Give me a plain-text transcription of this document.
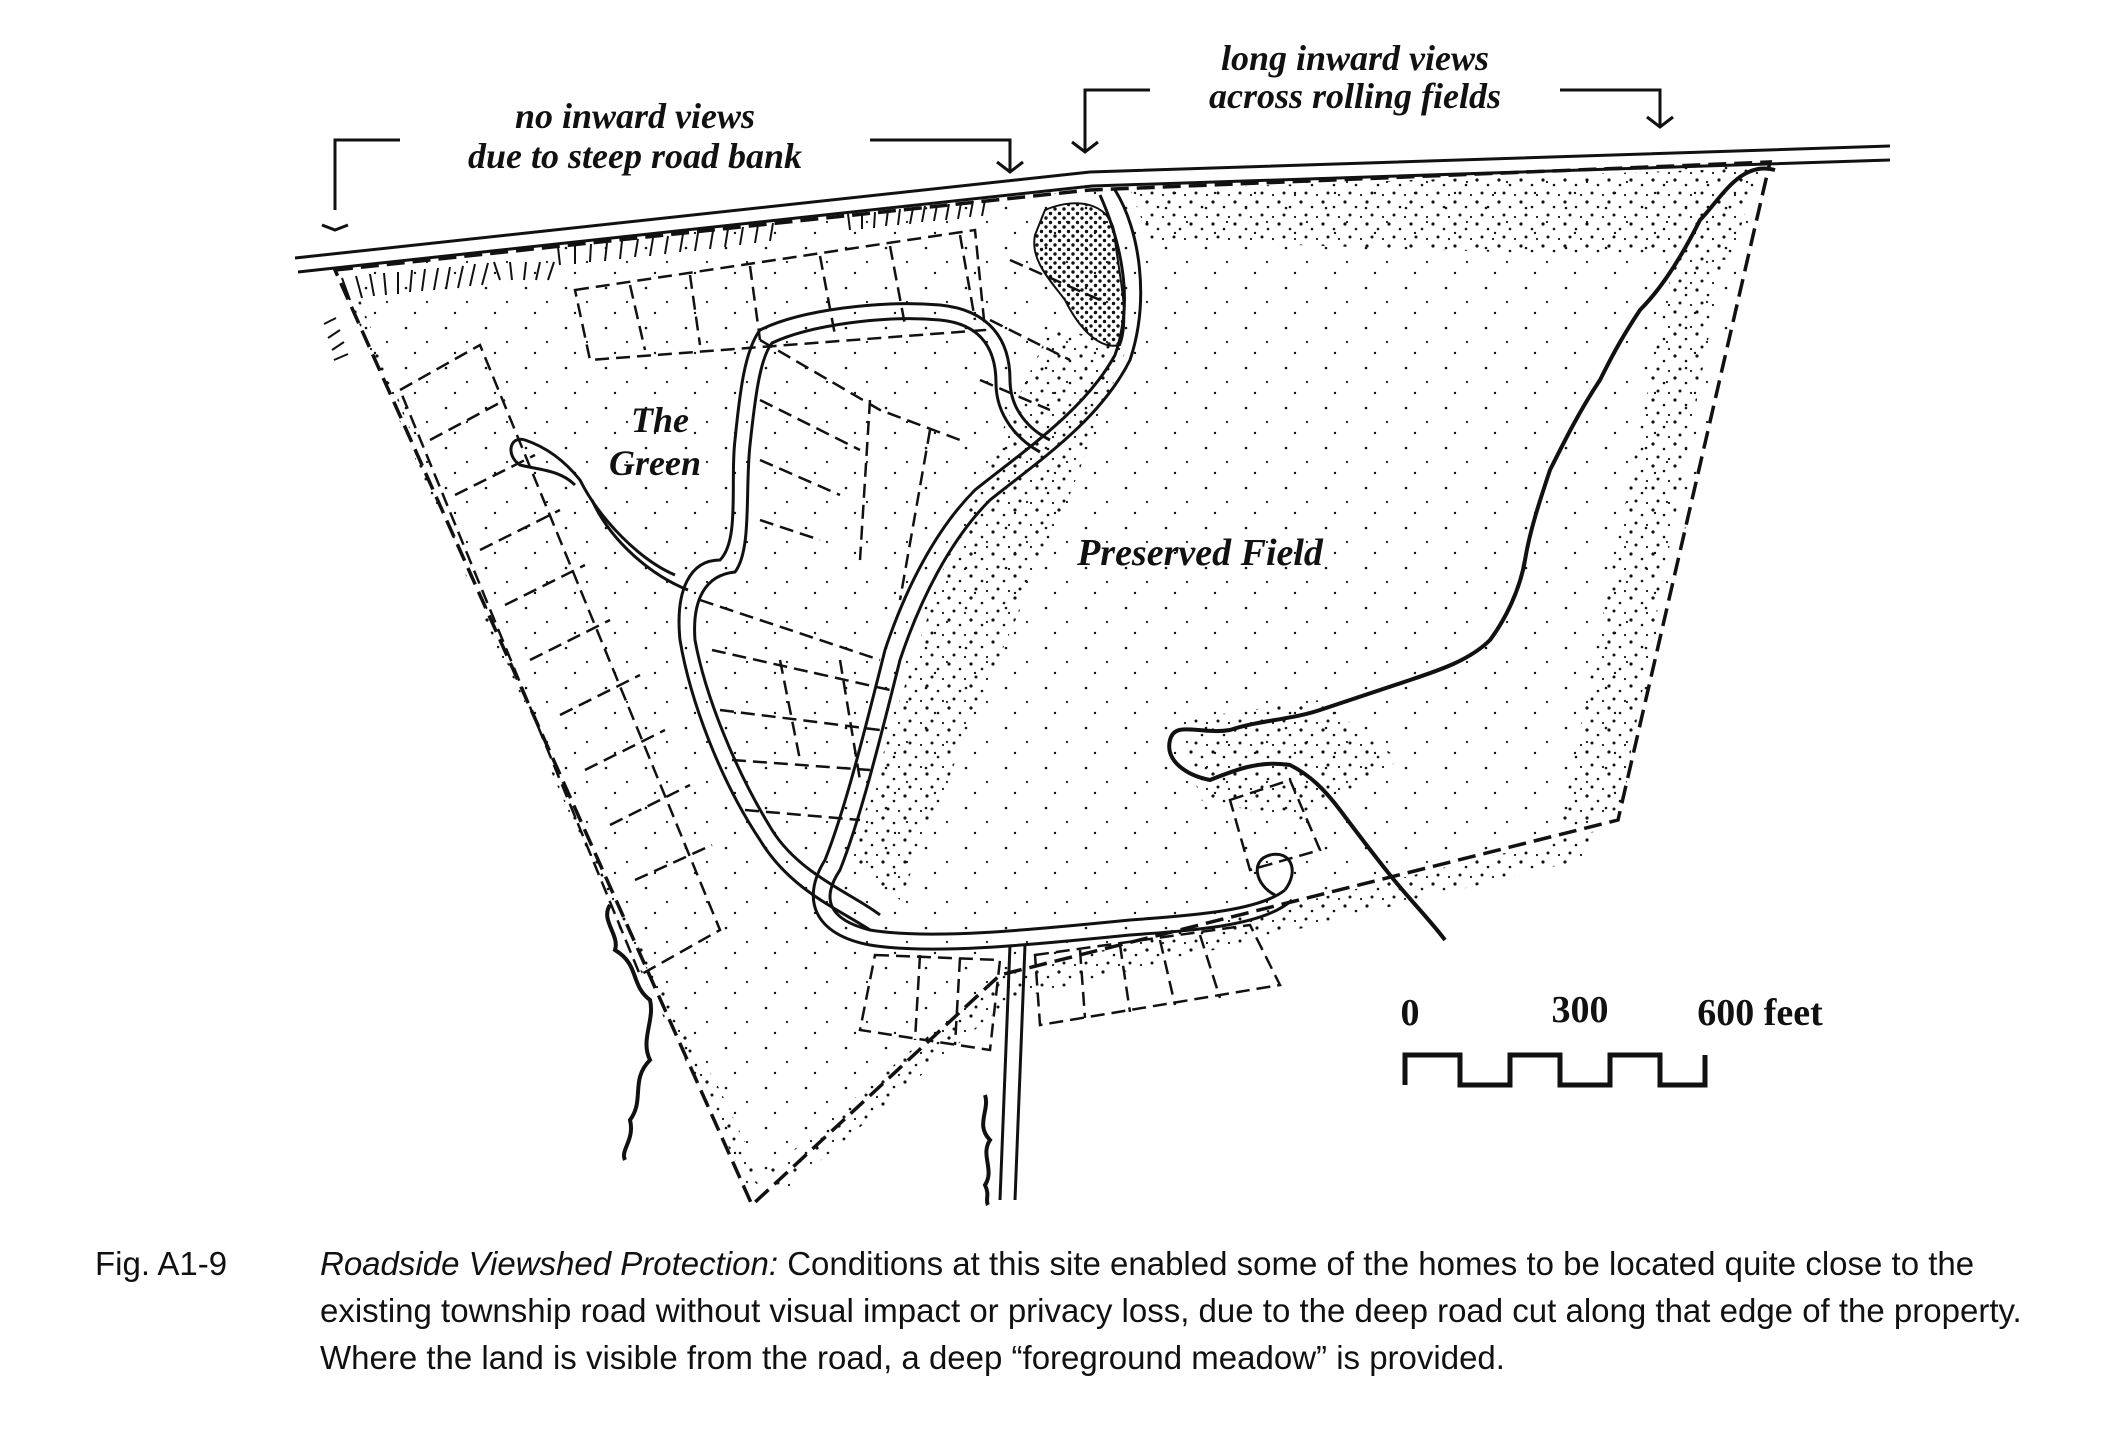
no inward views
due to steep road bank
long inward views
across rolling fields
The
Green
Preserved Field
0	300 600 feet
Fig. A1-9	Roadside Viewshed Protection: Conditions at this site enabled some of the homes to be located quite close to the existing township road without visual impact or privacy loss, due to the deep road cut along that edge of the property. Where the land is visible from the road, a deep “foreground meadow” is provided.
